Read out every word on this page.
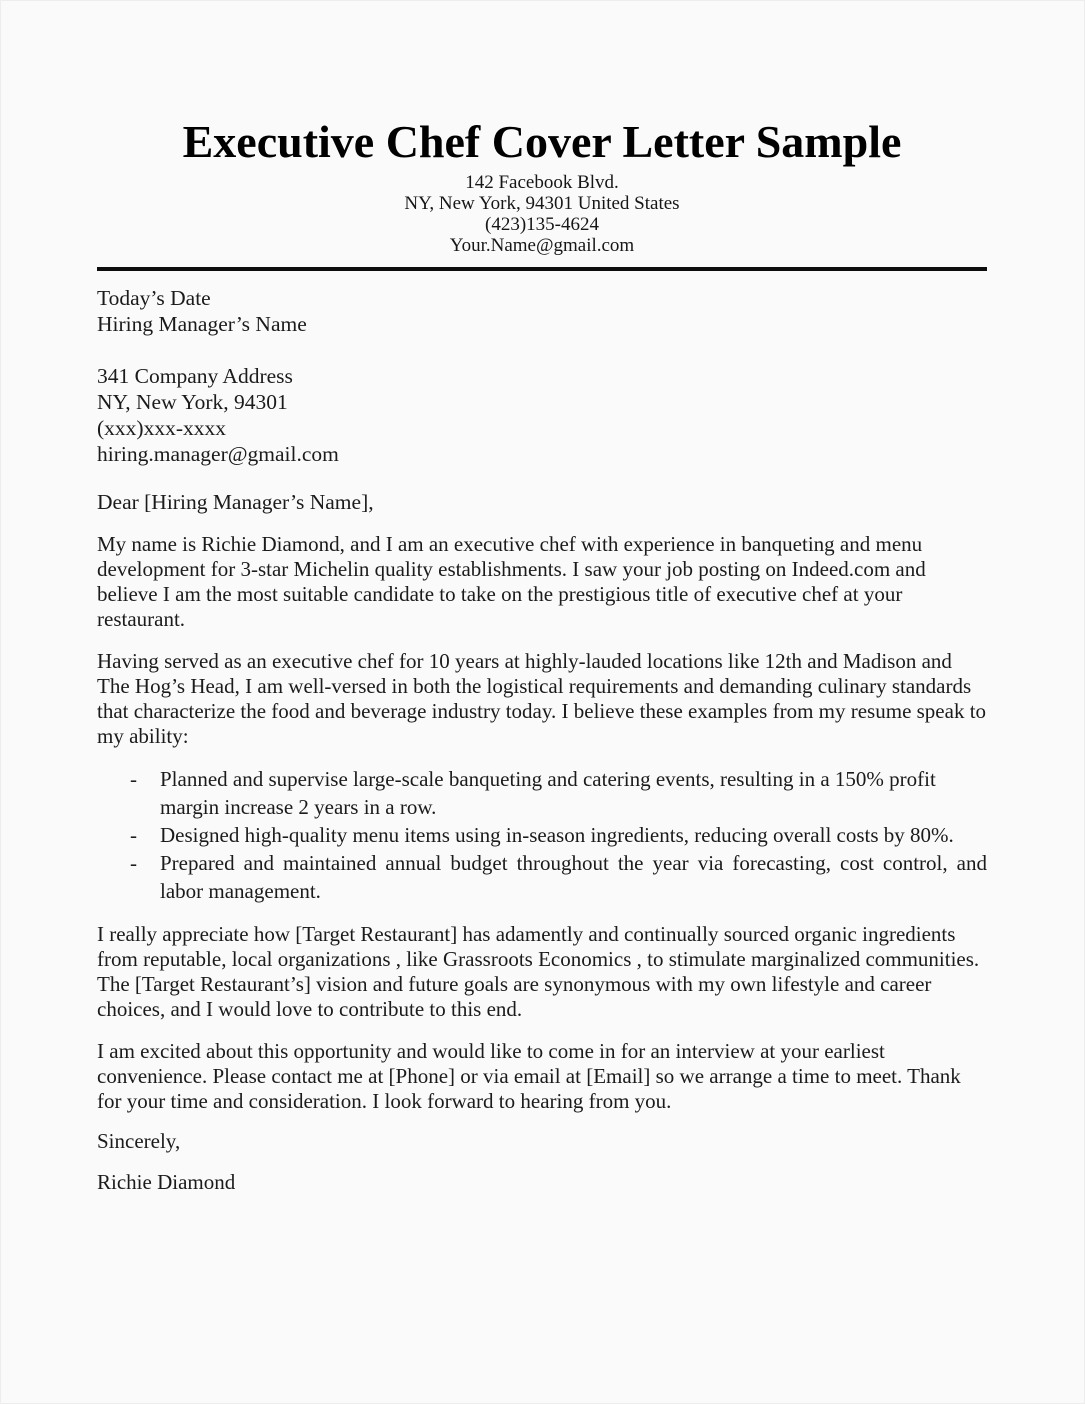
Executive Chef Cover Letter Sample
142 Facebook Blvd.
NY, New York, 94301 United States
(423)135-4624
Your.Name@gmail.com
Today’s Date
Hiring Manager’s Name
341 Company Address
NY, New York, 94301
(xxx)xxx-xxxx
hiring.manager@gmail.com

Dear [Hiring Manager’s Name],

My name is Richie Diamond, and I am an executive chef with experience in banqueting and menu development for 3-star Michelin quality establishments. I saw your job posting on Indeed.com and believe I am the most suitable candidate to take on the prestigious title of executive chef at your restaurant.

Having served as an executive chef for 10 years at highly-lauded locations like 12th and Madison and The Hog’s Head, I am well-versed in both the logistical requirements and demanding culinary standards that characterize the food and beverage industry today. I believe these examples from my resume speak to my ability:

-	Planned and supervise large-scale banqueting and catering events, resulting in a 150% profit margin increase 2 years in a row.
-	Designed high-quality menu items using in-season ingredients, reducing overall costs by 80%.
-	Prepared and maintained annual budget throughout the year via forecasting, cost control, and labor management.

I really appreciate how [Target Restaurant] has adamently and continually sourced organic ingredients from reputable, local organizations , like Grassroots Economics , to stimulate marginalized communities. The [Target Restaurant’s] vision and future goals are synonymous with my own lifestyle and career choices, and I would love to contribute to this end.

I am excited about this opportunity and would like to come in for an interview at your earliest convenience. Please contact me at [Phone] or via email at [Email] so we arrange a time to meet. Thank for your time and consideration. I look forward to hearing from you.

Sincerely,

Richie Diamond
